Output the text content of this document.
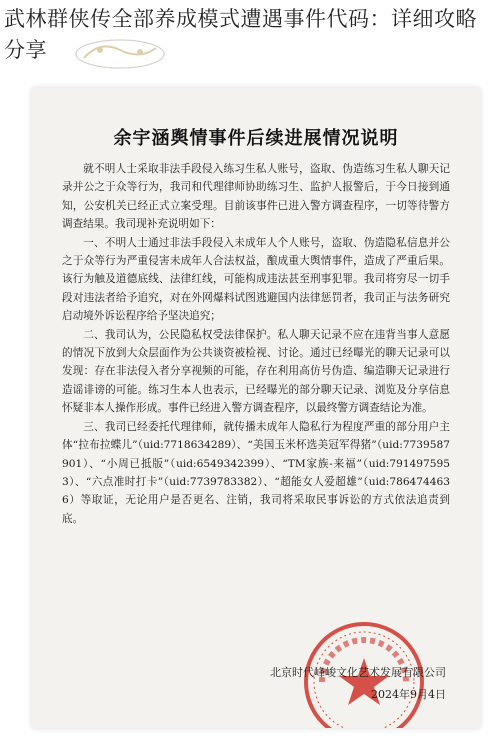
武林群侠传全部养成模式遭遇事件代码：详细攻略分享
余宇涵舆情事件后续进展情况说明

就不明人士采取非法手段侵入练习生私人账号，盗取、伪造练习生私人聊天记录并公之于众等行为，我司和代理律师协助练习生、监护人报警后，于今日接到通知，公安机关已经正式立案受理。目前该事件已进入警方调查程序，一切等待警方调查结果。我司现补充说明如下：

一、不明人士通过非法手段侵入未成年人个人账号，盗取、伪造隐私信息并公之于众等行为严重侵害未成年人合法权益，酿成重大舆情事件，造成了严重后果。该行为触及道德底线、法律红线，可能构成违法甚至刑事犯罪。我司将穷尽一切手段对违法者给予追究，对在外网爆料试图逃避国内法律惩罚者，我司正与法务研究启动境外诉讼程序给予坚决追究；

二、我司认为，公民隐私权受法律保护。私人聊天记录不应在违背当事人意愿的情况下放到大众层面作为公共谈资被检视、讨论。通过已经曝光的聊天记录可以发现：存在非法侵入者分享视频的可能，存在利用高仿号伪造、编造聊天记录进行造谣诽谤的可能。练习生本人也表示，已经曝光的部分聊天记录、浏览及分享信息怀疑非本人操作形成。事件已经进入警方调查程序，以最终警方调查结论为准。

三、我司已经委托代理律师，就传播未成年人隐私行为程度严重的部分用户主体“拉布拉蝶儿”（uid:7718634289）、“美国玉米杯选美冠军得猪”（uid:7739587901）、“小周已抵版”（uid:6549342399）、“TM家族-来福”（uid:7914975953）、“六点准时打卡”（uid:7739783382）、“超能女人爱超雄”（uid:7864744636）等取证，无论用户是否更名、注销，我司将采取民事诉讼的方式依法追责到底。

北京时代峰峻文化艺术发展有限公司
2024年9月4日
